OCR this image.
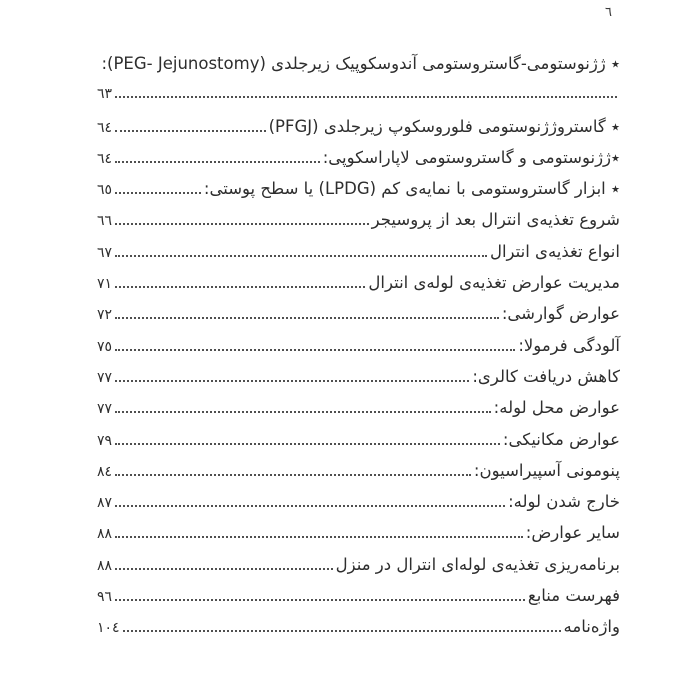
٦
٭ ژژنوستومی-گاستروستومی آندوسکوپیک زیرجلدی (PEG- Jejunostomy):
٦٣
٭ گاستروژژنوستومی فلوروسکوپ زیرجلدی (PFGJ)
٦٤
٭ژژنوستومی و گاستروستومی لاپاراسکوپی:
٦٤
٭ ابزار گاستروستومی با نمایه‌ی کم (LPDG) یا سطح پوستی:
٦٥
شروع تغذیه‌ی انترال بعد از پروسیجر
٦٦
انواع تغذیه‌ی انترال
٦٧
مدیریت عوارض تغذیه‌ی لوله‌ی انترال
٧١
عوارض گوارشی:
٧٢
آلودگی فرمولا:
٧٥
کاهش دریافت کالری:
٧٧
عوارض محل لوله:
٧٧
عوارض مکانیکی:
٧٩
پنومونی آسپیراسیون:
٨٤
خارج شدن لوله:
٨٧
سایر عوارض:
٨٨
برنامه‌ریزی تغذیه‌ی لوله‌ای انترال در منزل
٨٨
فهرست منابع
٩٦
واژه‌نامه
١٠٤
